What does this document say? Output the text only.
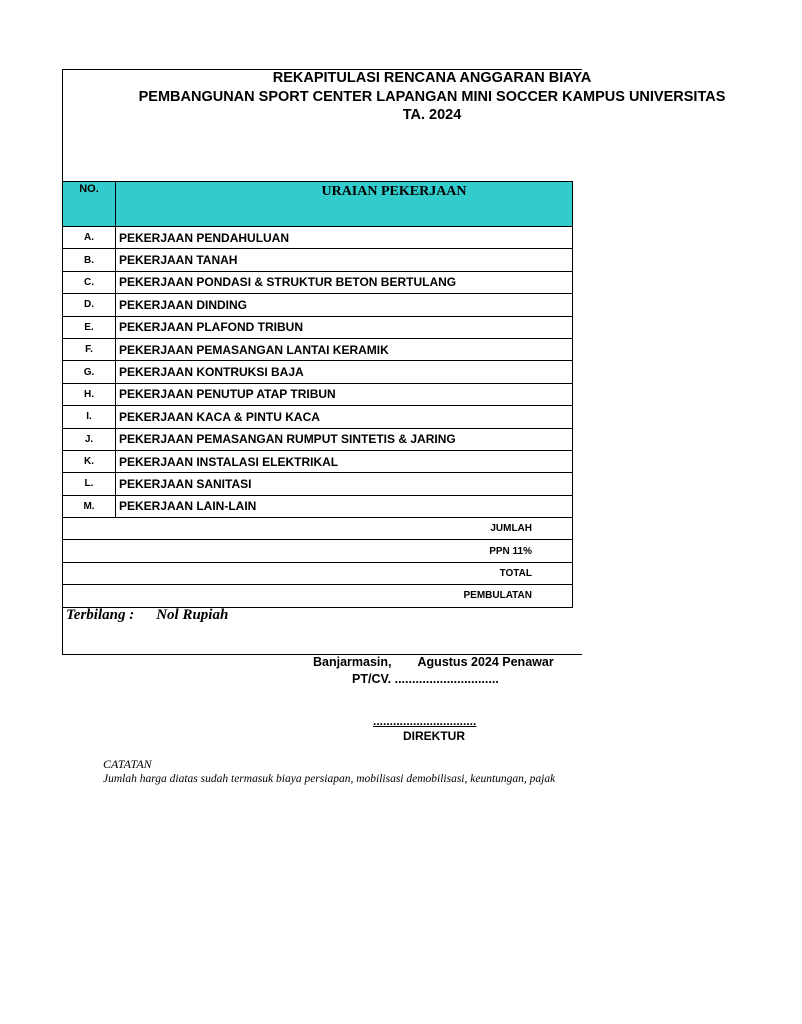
REKAPITULASI RENCANA ANGGARAN BIAYA
PEMBANGUNAN SPORT CENTER LAPANGAN MINI SOCCER KAMPUS UNIVERSITAS
TA. 2024
NO.	URAIAN PEKERJAAN
A.	PEKERJAAN PENDAHULUAN
B.	PEKERJAAN TANAH
C.	PEKERJAAN PONDASI & STRUKTUR BETON BERTULANG
D.	PEKERJAAN DINDING
E.	PEKERJAAN PLAFOND TRIBUN
F.	PEKERJAAN PEMASANGAN LANTAI KERAMIK
G.	PEKERJAAN KONTRUKSI BAJA
H.	PEKERJAAN PENUTUP ATAP TRIBUN
I.	PEKERJAAN KACA & PINTU KACA
J.	PEKERJAAN PEMASANGAN RUMPUT SINTETIS & JARING
K.	PEKERJAAN INSTALASI ELEKTRIKAL
L.	PEKERJAAN SANITASI
M.	PEKERJAAN LAIN-LAIN
JUMLAH	
PPN 11%	
TOTAL	
PEMBULATAN	
Terbilang : Nol Rupiah
Banjarmasin, Agustus 2024 Penawar
PT/CV. ..............................
...............................
DIREKTUR
CATATAN
Jumlah harga diatas sudah termasuk biaya persiapan, mobilisasi demobilisasi, keuntungan, pajak
